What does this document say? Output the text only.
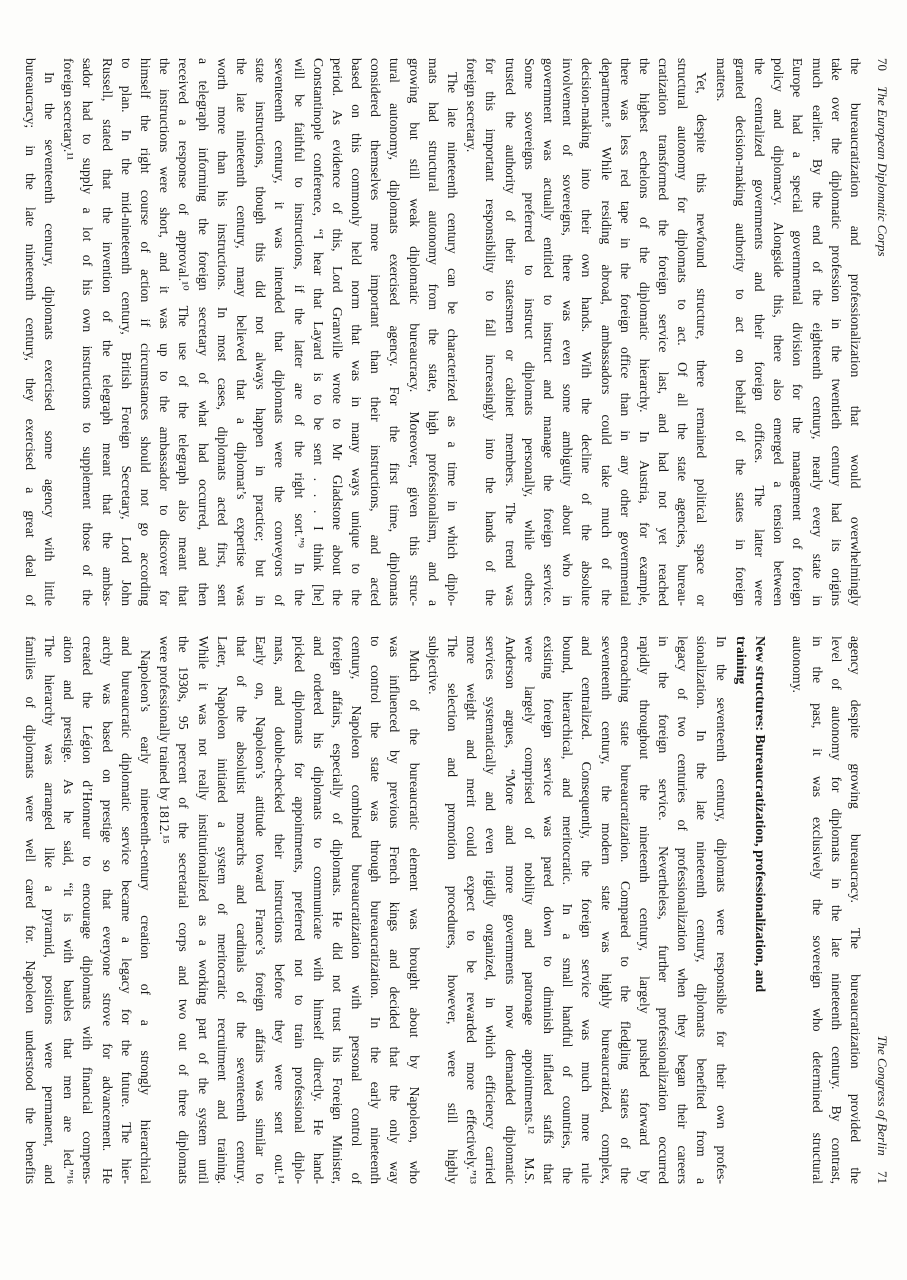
70 The European Diplomatic Corps
the bureaucratization and professionalization that would overwhelmingly
take over the diplomatic profession in the twentieth century had its origins
much earlier. By the end of the eighteenth century, nearly every state in
Europe had a special governmental division for the management of foreign
policy and diplomacy. Alongside this, there also emerged a tension between
the centralized governments and their foreign offices. The latter were
granted decision-making authority to act on behalf of the states in foreign
matters.
Yet, despite this newfound structure, there remained political space or
structural autonomy for diplomats to act. Of all the state agencies, bureau-
cratization transformed the foreign service last, and had not yet reached
the highest echelons of the diplomatic hierarchy. In Austria, for example,
there was less red tape in the foreign office than in any other governmental
department.⁸ While residing abroad, ambassadors could take much of the
decision-making into their own hands. With the decline of the absolute
involvement of sovereigns, there was even some ambiguity about who in
government was actually entitled to instruct and manage the foreign service.
Some sovereigns preferred to instruct diplomats personally, while others
trusted the authority of their statesmen or cabinet members. The trend was
for this important responsibility to fall increasingly into the hands of the
foreign secretary.
The late nineteenth century can be characterized as a time in which diplo-
mats had structural autonomy from the state, high professionalism, and a
growing but still weak diplomatic bureaucracy. Moreover, given this struc-
tural autonomy, diplomats exercised agency. For the first time, diplomats
considered themselves more important than their instructions, and acted
based on this commonly held norm that was in many ways unique to the
period. As evidence of this, Lord Granville wrote to Mr Gladstone about the
Constantinople conference, “I hear that Layard is to be sent . . . I think [he]
will be faithful to instructions, if the latter are of the right sort.”⁹ In the
seventeenth century, it was intended that diplomats were the conveyors of
state instructions, though this did not always happen in practice; but in
the late nineteenth century, many believed that a diplomat’s expertise was
worth more than his instructions. In most cases, diplomats acted first, sent
a telegraph informing the foreign secretary of what had occurred, and then
received a response of approval.¹⁰ The use of the telegraph also meant that
the instructions were short, and it was up to the ambassador to discover for
himself the right course of action if circumstances should not go according
to plan. In the mid-nineteenth century, British Foreign Secretary, Lord John
Russell, stated that the invention of the telegraph meant that the ambas-
sador had to supply a lot of his own instructions to supplement those of the
foreign secretary.¹¹
In the seventeenth century, diplomats exercised some agency with little
bureaucracy; in the late nineteenth century, they exercised a great deal of
The Congress of Berlin 71
agency despite growing bureaucracy. The bureaucratization provided the
level of autonomy for diplomats in the late nineteenth century. By contrast,
in the past, it was exclusively the sovereign who determined structural
autonomy.
New structures: Bureaucratization, professionalization, and
training
In the seventeenth century, diplomats were responsible for their own profes-
sionalization. In the late nineteenth century, diplomats benefited from a
legacy of two centuries of professionalization when they began their careers
in the foreign service. Nevertheless, further professionalization occurred
rapidly throughout the nineteenth century, largely pushed forward by
encroaching state bureaucratization. Compared to the fledgling states of the
seventeenth century, the modern state was highly bureaucratized, complex,
and centralized. Consequently, the foreign service was much more rule
bound, hierarchical, and meritocratic. In a small handful of countries, the
existing foreign service was pared down to diminish inflated staffs that
were largely comprised of nobility and patronage appointments.¹² M.S.
Anderson argues, “More and more governments now demanded diplomatic
services systematically and even rigidly organized, in which efficiency carried
more weight and merit could expect to be rewarded more effectively.”¹³
The selection and promotion procedures, however, were still highly
subjective.
Much of the bureaucratic element was brought about by Napoleon, who
was influenced by previous French kings and decided that the only way
to control the state was through bureaucratization. In the early nineteenth
century, Napoleon combined bureaucratization with personal control of
foreign affairs, especially of diplomats. He did not trust his Foreign Minister,
and ordered his diplomats to communicate with himself directly. He hand-
picked diplomats for appointments, preferred not to train professional diplo-
mats, and double-checked their instructions before they were sent out.¹⁴
Early on, Napoleon’s attitude toward France’s foreign affairs was similar to
that of the absolutist monarchs and cardinals of the seventeenth century.
Later, Napoleon initiated a system of meritocratic recruitment and training.
While it was not really institutionalized as a working part of the system until
the 1930s, 95 percent of the secretarial corps and two out of three diplomats
were professionally trained by 1812.¹⁵
Napoleon’s early nineteenth-century creation of a strongly hierarchical
and bureaucratic diplomatic service became a legacy for the future. The hier-
archy was based on prestige so that everyone strove for advancement. He
created the Légion d’Honneur to encourage diplomats with financial compens-
ation and prestige. As he said, “it is with baubles that men are led.”¹⁶
The hierarchy was arranged like a pyramid, positions were permanent, and
families of diplomats were well cared for. Napoleon understood the benefits
